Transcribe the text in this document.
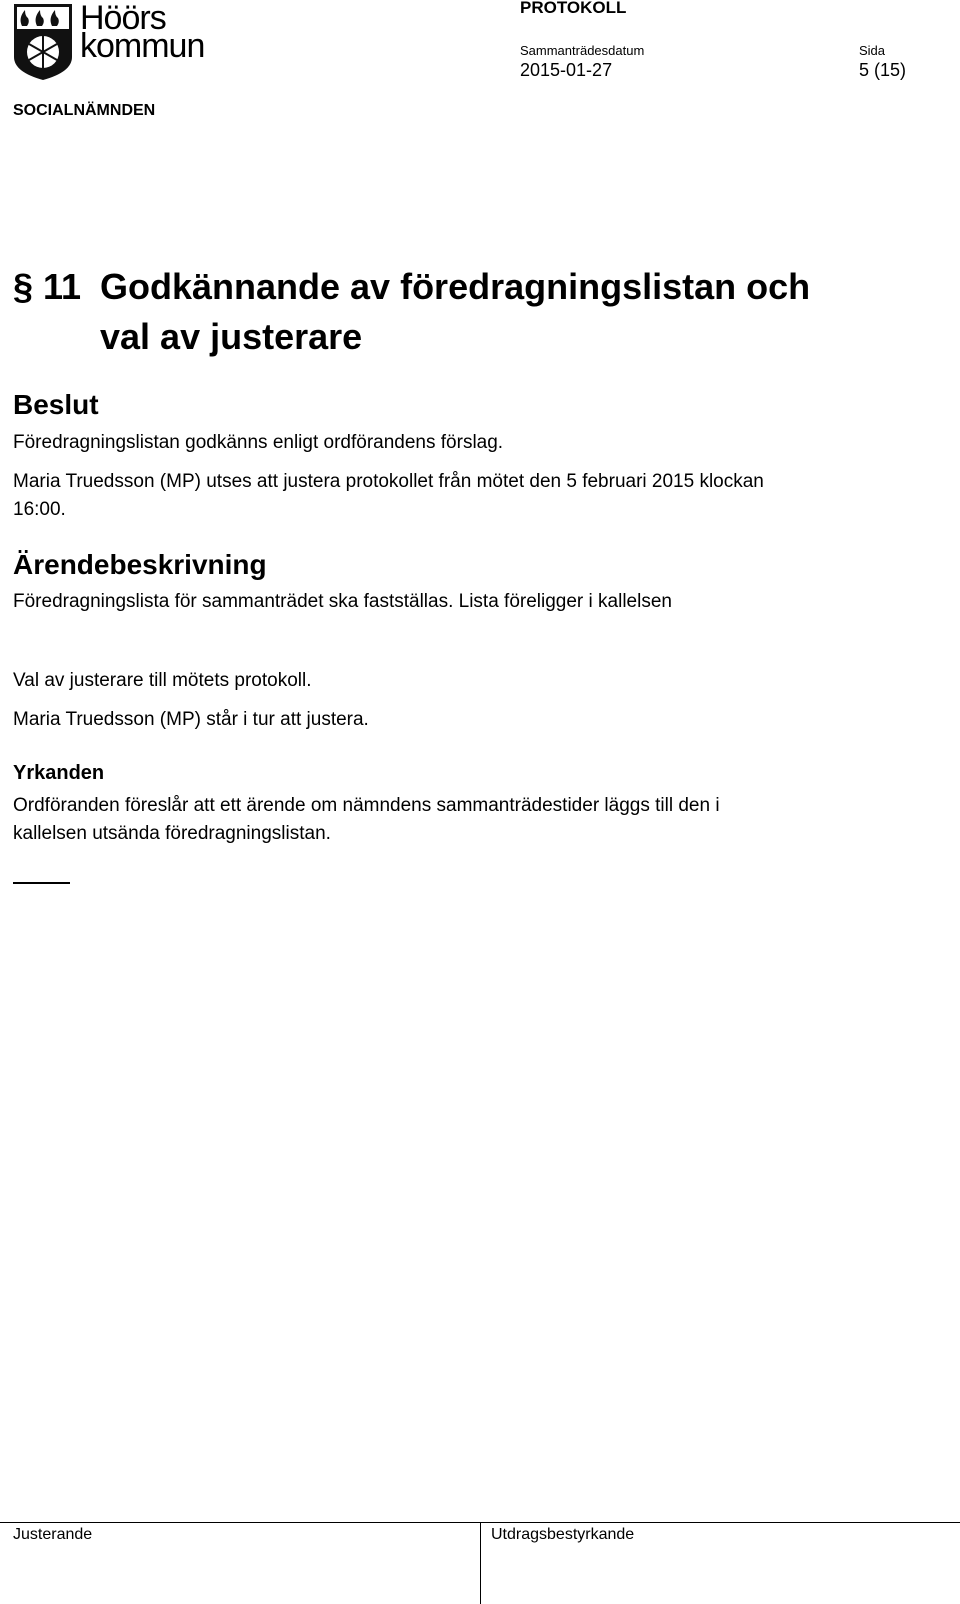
Höörs
kommun
PROTOKOLL
Sammanträdesdatum
2015-01-27
Sida
5 (15)
SOCIALNÄMNDEN
§ 11 Godkännande av föredragningslistan och
val av justerare
Beslut
Föredragningslistan godkänns enligt ordförandens förslag.
Maria Truedsson (MP) utses att justera protokollet från mötet den 5 februari 2015 klockan
16:00.
Ärendebeskrivning
Föredragningslista för sammanträdet ska fastställas. Lista föreligger i kallelsen
Val av justerare till mötets protokoll.
Maria Truedsson (MP) står i tur att justera.
Yrkanden
Ordföranden föreslår att ett ärende om nämndens sammanträdestider läggs till den i
kallelsen utsända föredragningslistan.
Justerande	Utdragsbestyrkande
